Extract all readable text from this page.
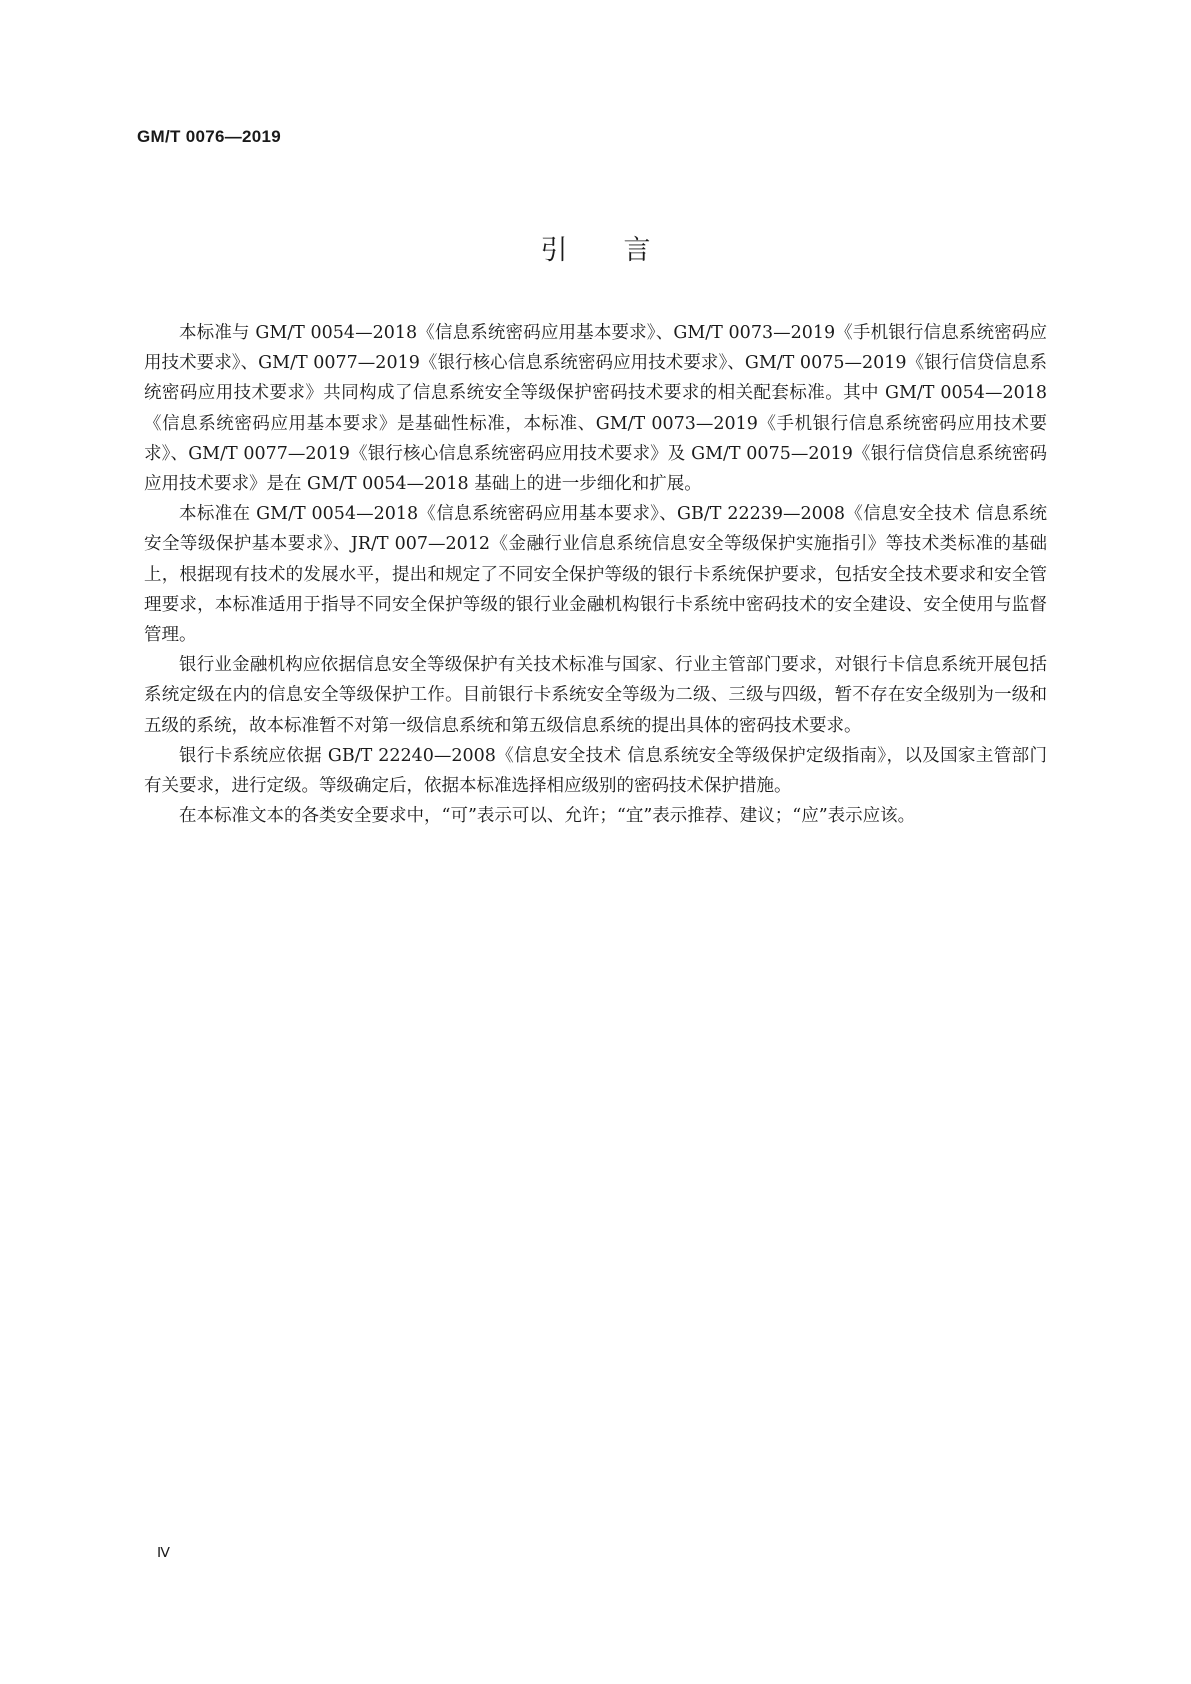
GM/T 0076—2019
引言

本标准与 GM/T 0054—2018《信息系统密码应用基本要求》、GM/T 0073—2019《手机银行信息系统密码应用技术要求》、GM/T 0077—2019《银行核心信息系统密码应用技术要求》、GM/T 0075—2019《银行信贷信息系统密码应用技术要求》共同构成了信息系统安全等级保护密码技术要求的相关配套标准。其中 GM/T 0054—2018《信息系统密码应用基本要求》是基础性标准，本标准、GM/T 0073—2019《手机银行信息系统密码应用技术要求》、GM/T 0077—2019《银行核心信息系统密码应用技术要求》及 GM/T 0075—2019《银行信贷信息系统密码应用技术要求》是在 GM/T 0054—2018 基础上的进一步细化和扩展。

本标准在 GM/T 0054—2018《信息系统密码应用基本要求》、GB/T 22239—2008《信息安全技术 信息系统安全等级保护基本要求》、JR/T 007—2012《金融行业信息系统信息安全等级保护实施指引》等技术类标准的基础上，根据现有技术的发展水平，提出和规定了不同安全保护等级的银行卡系统保护要求，包括安全技术要求和安全管理要求，本标准适用于指导不同安全保护等级的银行业金融机构银行卡系统中密码技术的安全建设、安全使用与监督管理。

银行业金融机构应依据信息安全等级保护有关技术标准与国家、行业主管部门要求，对银行卡信息系统开展包括系统定级在内的信息安全等级保护工作。目前银行卡系统安全等级为二级、三级与四级，暂不存在安全级别为一级和五级的系统，故本标准暂不对第一级信息系统和第五级信息系统的提出具体的密码技术要求。

银行卡系统应依据 GB/T 22240—2008《信息安全技术 信息系统安全等级保护定级指南》，以及国家主管部门有关要求，进行定级。等级确定后，依据本标准选择相应级别的密码技术保护措施。

在本标准文本的各类安全要求中，“可”表示可以、允许；“宜”表示推荐、建议；“应”表示应该。

Ⅳ
